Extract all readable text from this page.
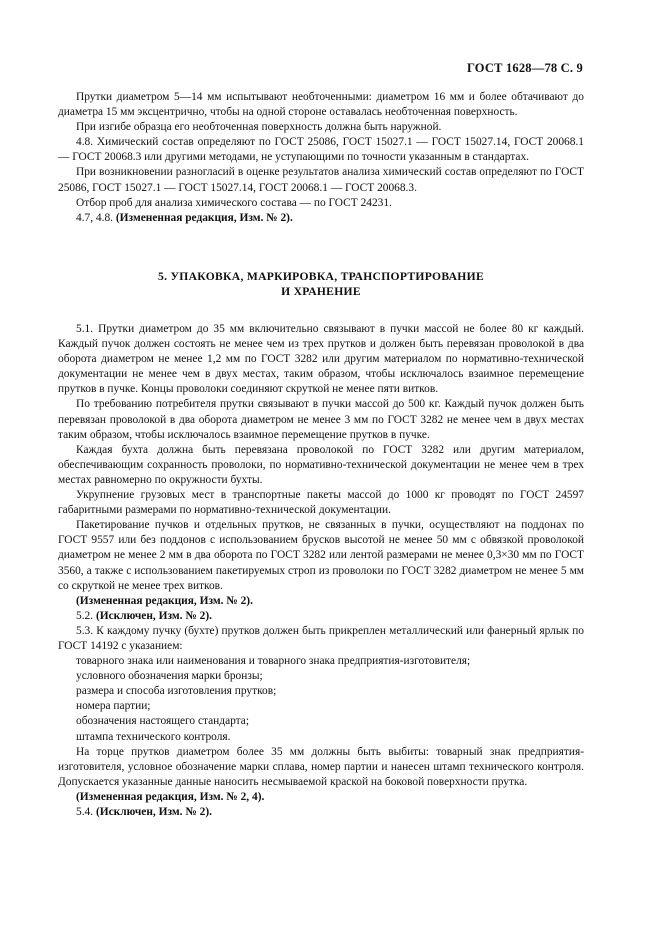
ГОСТ 1628—78 С. 9

Прутки диаметром 5—14 мм испытывают необточенными: диаметром 16 мм и более обтачивают до диаметра 15 мм эксцентрично, чтобы на одной стороне оставалась необточенная поверхность.

При изгибе образца его необточенная поверхность должна быть наружной.

4.8. Химический состав определяют по ГОСТ 25086, ГОСТ 15027.1 — ГОСТ 15027.14, ГОСТ 20068.1 — ГОСТ 20068.3 или другими методами, не уступающими по точности указанным в стандартах.

При возникновении разногласий в оценке результатов анализа химический состав определяют по ГОСТ 25086, ГОСТ 15027.1 — ГОСТ 15027.14, ГОСТ 20068.1 — ГОСТ 20068.3.

Отбор проб для анализа химического состава — по ГОСТ 24231.

4.7, 4.8. (Измененная редакция, Изм. № 2).

5. УПАКОВКА, МАРКИРОВКА, ТРАНСПОРТИРОВАНИЕ
И ХРАНЕНИЕ

5.1. Прутки диаметром до 35 мм включительно связывают в пучки массой не более 80 кг каждый. Каждый пучок должен состоять не менее чем из трех прутков и должен быть перевязан проволокой в два оборота диаметром не менее 1,2 мм по ГОСТ 3282 или другим материалом по нормативно-технической документации не менее чем в двух местах, таким образом, чтобы исключалось взаимное перемещение прутков в пучке. Концы проволоки соединяют скруткой не менее пяти витков.

По требованию потребителя прутки связывают в пучки массой до 500 кг. Каждый пучок должен быть перевязан проволокой в два оборота диаметром не менее 3 мм по ГОСТ 3282 не менее чем в двух местах таким образом, чтобы исключалось взаимное перемещение прутков в пучке.

Каждая бухта должна быть перевязана проволокой по ГОСТ 3282 или другим материалом, обеспечивающим сохранность проволоки, по нормативно-технической документации не менее чем в трех местах равномерно по окружности бухты.

Укрупнение грузовых мест в транспортные пакеты массой до 1000 кг проводят по ГОСТ 24597 габаритными размерами по нормативно-технической документации.

Пакетирование пучков и отдельных прутков, не связанных в пучки, осуществляют на поддонах по ГОСТ 9557 или без поддонов с использованием брусков высотой не менее 50 мм с обвязкой проволокой диаметром не менее 2 мм в два оборота по ГОСТ 3282 или лентой размерами не менее 0,3×30 мм по ГОСТ 3560, а также с использованием пакетируемых строп из проволоки по ГОСТ 3282 диаметром не менее 5 мм со скруткой не менее трех витков.

(Измененная редакция, Изм. № 2).

5.2. (Исключен, Изм. № 2).

5.3. К каждому пучку (бухте) прутков должен быть прикреплен металлический или фанерный ярлык по ГОСТ 14192 с указанием:

товарного знака или наименования и товарного знака предприятия-изготовителя;

условного обозначения марки бронзы;

размера и способа изготовления прутков;

номера партии;

обозначения настоящего стандарта;

штампа технического контроля.

На торце прутков диаметром более 35 мм должны быть выбиты: товарный знак предприятия-изготовителя, условное обозначение марки сплава, номер партии и нанесен штамп технического контроля. Допускается указанные данные наносить несмываемой краской на боковой поверхности прутка.

(Измененная редакция, Изм. № 2, 4).

5.4. (Исключен, Изм. № 2).
